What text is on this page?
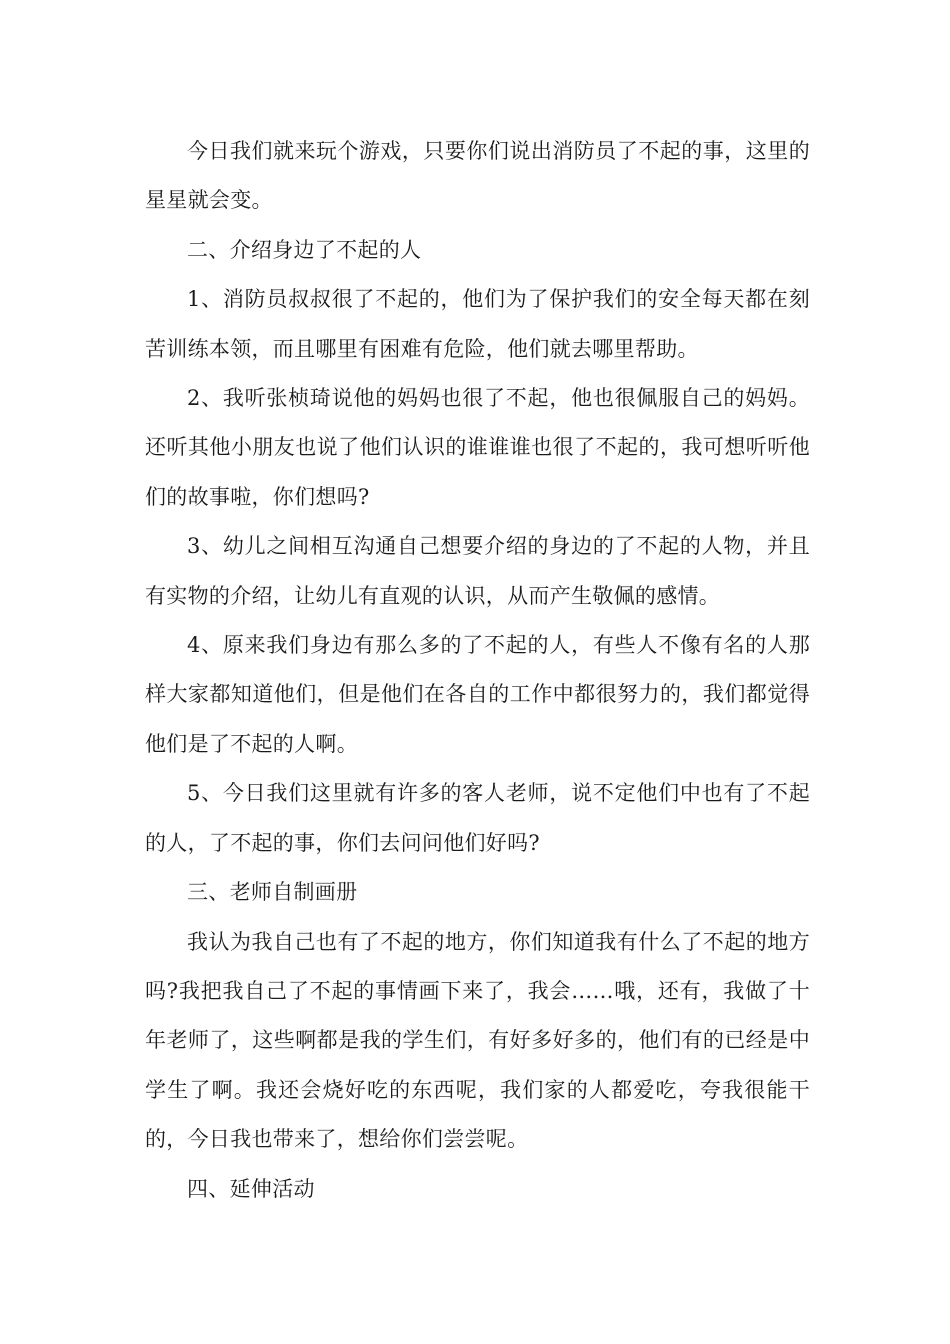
今日我们就来玩个游戏，只要你们说出消防员了不起的事，这里的星星就会变。

二、介绍身边了不起的人

1、消防员叔叔很了不起的，他们为了保护我们的安全每天都在刻苦训练本领，而且哪里有困难有危险，他们就去哪里帮助。

2、我听张桢琦说他的妈妈也很了不起，他也很佩服自己的妈妈。还听其他小朋友也说了他们认识的谁谁谁也很了不起的，我可想听听他们的故事啦，你们想吗?

3、幼儿之间相互沟通自己想要介绍的身边的了不起的人物，并且有实物的介绍，让幼儿有直观的认识，从而产生敬佩的感情。

4、原来我们身边有那么多的了不起的人，有些人不像有名的人那样大家都知道他们，但是他们在各自的工作中都很努力的，我们都觉得他们是了不起的人啊。

5、今日我们这里就有许多的客人老师，说不定他们中也有了不起的人，了不起的事，你们去问问他们好吗?

三、老师自制画册

我认为我自己也有了不起的地方，你们知道我有什么了不起的地方吗?我把我自己了不起的事情画下来了，我会……哦，还有，我做了十年老师了，这些啊都是我的学生们，有好多好多的，他们有的已经是中学生了啊。我还会烧好吃的东西呢，我们家的人都爱吃，夸我很能干的，今日我也带来了，想给你们尝尝呢。

四、延伸活动
